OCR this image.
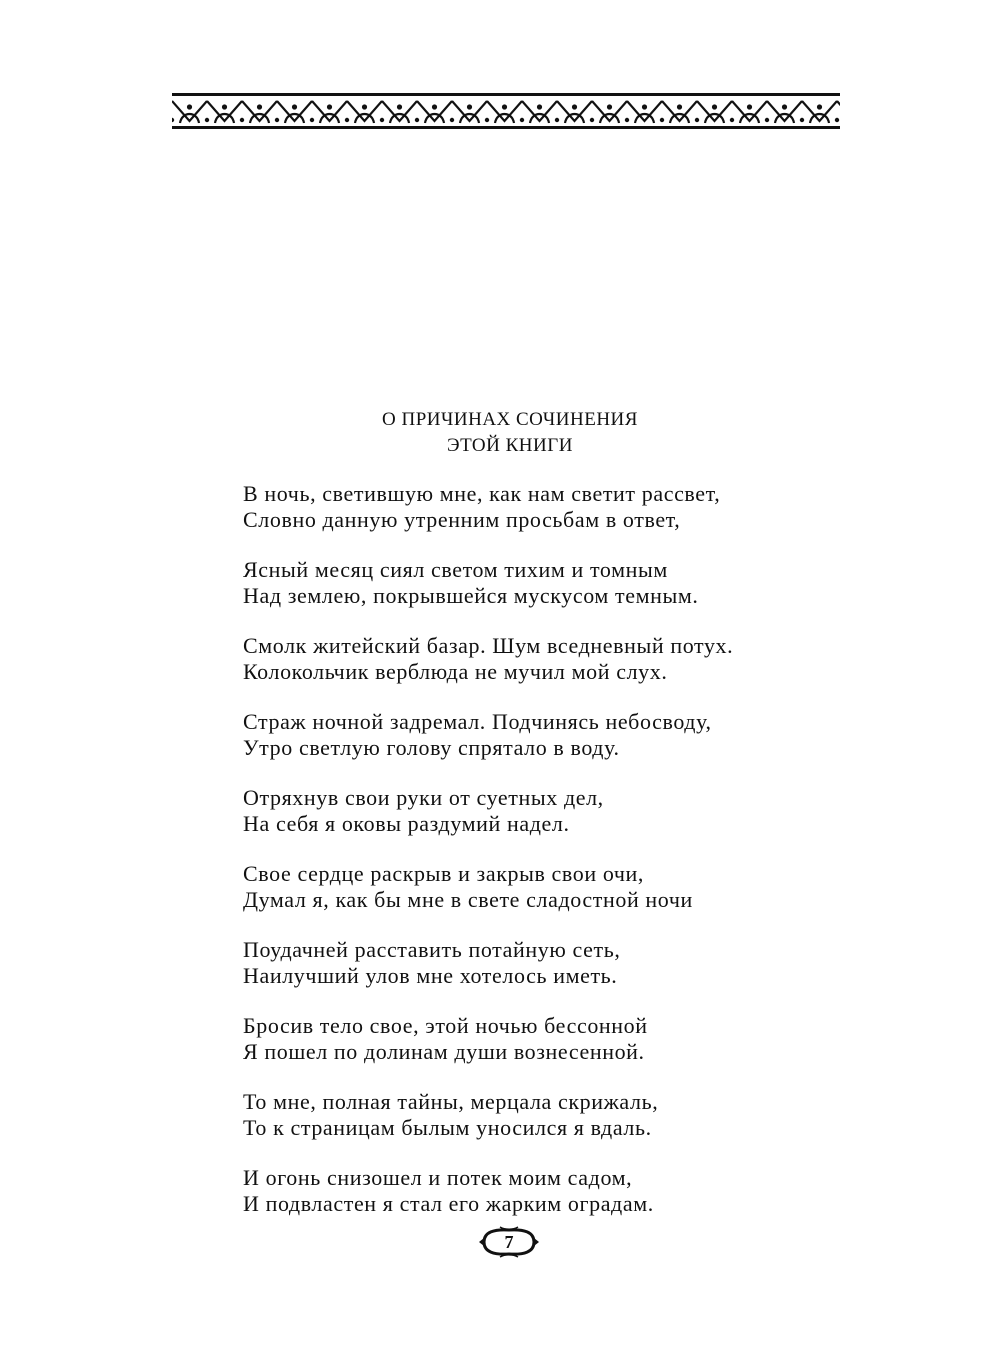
О ПРИЧИНАХ СОЧИНЕНИЯ
ЭТОЙ КНИГИ
В ночь, светившую мне, как нам светит рассвет,
Словно данную утренним просьбам в ответ,
Ясный месяц сиял светом тихим и томным
Над землею, покрывшейся мускусом темным.
Смолк житейский базар. Шум вседневный потух.
Колокольчик верблюда не мучил мой слух.
Страж ночной задремал. Подчинясь небосводу,
Утро светлую голову спрятало в воду.
Отряхнув свои руки от суетных дел,
На себя я оковы раздумий надел.
Свое сердце раскрыв и закрыв свои очи,
Думал я, как бы мне в свете сладостной ночи
Поудачней расставить потайную сеть,
Наилучший улов мне хотелось иметь.
Бросив тело свое, этой ночью бессонной
Я пошел по долинам души вознесенной.
То мне, полная тайны, мерцала скрижаль,
То к страницам былым уносился я вдаль.
И огонь снизошел и потек моим садом,
И подвластен я стал его жарким оградам.
7
